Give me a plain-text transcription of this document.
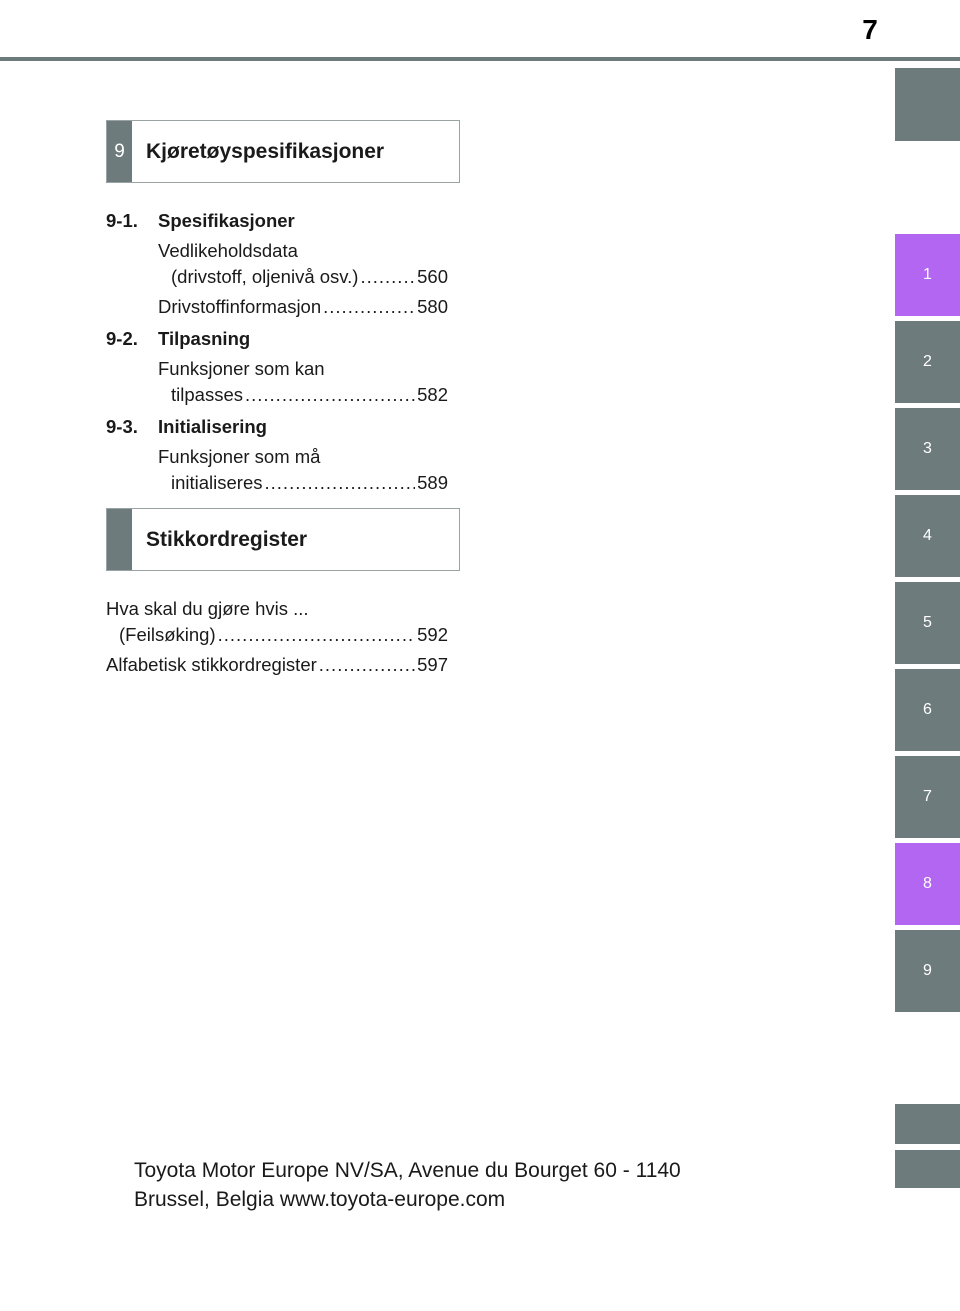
7
1
2
3
4
5
6
7
8
9
9	Kjøretøyspesifikasjoner
9-1.	Spesifikasjoner
Vedlikeholdsdata
(drivstoff, oljenivå osv.) .....	560
Drivstoffinformasjon .....	580
9-2.	Tilpasning
Funksjoner som kan
tilpasses .....	582
9-3.	Initialisering
Funksjoner som må
initialiseres .....	589
Stikkordregister
Hva skal du gjøre hvis ...
(Feilsøking) .....	592
Alfabetisk stikkordregister .....	597
Toyota Motor Europe NV/SA, Avenue du Bourget 60 - 1140
Brussel, Belgia www.toyota-europe.com
